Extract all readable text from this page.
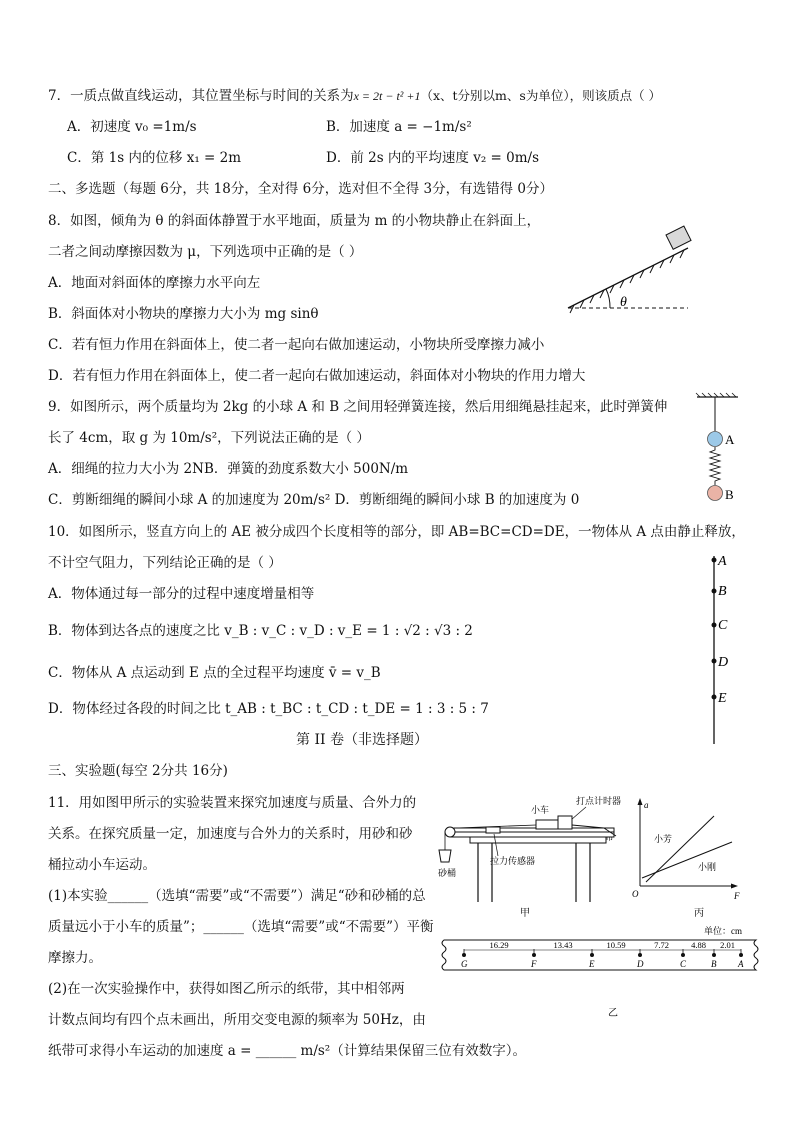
7．一质点做直线运动，其位置坐标与时间的关系为x = 2t − t² +1（x、t分别以m、s为单位），则该质点（ ）
A．初速度 v₀ =1m/s	B．加速度 a = −1m/s²
C．第 1s 内的位移 x₁ = 2m	D．前 2s 内的平均速度 v₂ = 0m/s
二、多选题（每题 6分，共 18分，全对得 6分，选对但不全得 3分，有选错得 0分）
8．如图，倾角为 θ 的斜面体静置于水平地面，质量为 m 的小物块静止在斜面上，
二者之间动摩擦因数为 μ，下列选项中正确的是（ ）
A．地面对斜面体的摩擦力水平向左
B．斜面体对小物块的摩擦力大小为 mg sinθ
C．若有恒力作用在斜面体上，使二者一起向右做加速运动，小物块所受摩擦力减小
D．若有恒力作用在斜面体上，使二者一起向右做加速运动，斜面体对小物块的作用力增大
θ
9．如图所示，两个质量均为 2kg 的小球 A 和 B 之间用轻弹簧连接，然后用细绳悬挂起来，此时弹簧伸
长了 4cm，取 g 为 10m/s²，下列说法正确的是（ ）
A．细绳的拉力大小为 2NB．弹簧的劲度系数大小 500N/m
C．剪断细绳的瞬间小球 A 的加速度为 20m/s² D．剪断细绳的瞬间小球 B 的加速度为 0
A
B
10．如图所示，竖直方向上的 AE 被分成四个长度相等的部分，即 AB=BC=CD=DE，一物体从 A 点由静止释放，
不计空气阻力，下列结论正确的是（ ）
A．物体通过每一部分的过程中速度增量相等
B．物体到达各点的速度之比 v_B : v_C : v_D : v_E = 1 : √2 : √3 : 2
C．物体从 A 点运动到 E 点的全过程平均速度 v̄ = v_B
D．物体经过各段的时间之比 t_AB : t_BC : t_CD : t_DE = 1 : 3 : 5 : 7
A
B
C
D
E
第 II 卷（非选择题）
三、实验题(每空 2分共 16分)
11．用如图甲所示的实验装置来探究加速度与质量、合外力的
关系。在探究质量一定，加速度与合外力的关系时，用砂和砂
桶拉动小车运动。
(1)本实验______（选填“需要”或“不需要”）满足“砂和砂桶的总
质量远小于小车的质量”；______（选填“需要”或“不需要”）平衡
摩擦力。
(2)在一次实验操作中，获得如图乙所示的纸带，其中相邻两
计数点间均有四个点未画出，所用交变电源的频率为 50Hz，由
纸带可求得小车运动的加速度 a = ______ m/s²（计算结果保留三位有效数字）。
小车
打点计时器
砂桶
拉力传感器
甲
a
F
O
小芳
小刚
丙
单位：cm
G	F	E	D	C	B A
16.29	13.43	10.59	7.72	4.88 2.01
乙
